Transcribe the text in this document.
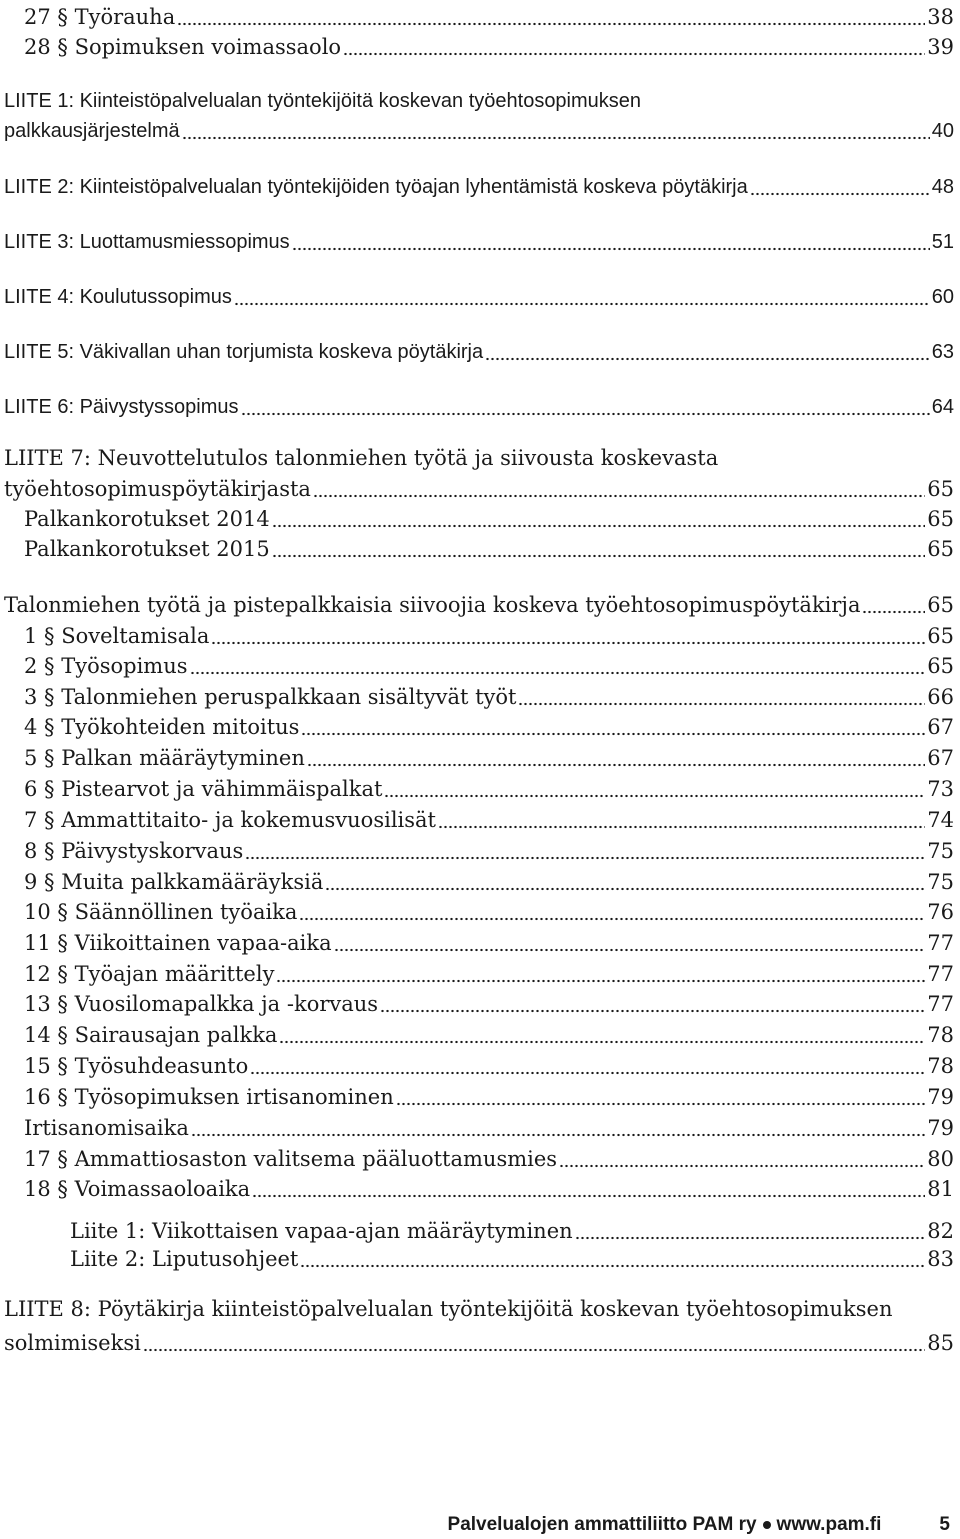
27 § Työrauha	38
28 § Sopimuksen voimassaolo	39
LIITE 1: Kiinteistöpalvelualan työntekijöitä koskevan työehtosopimuksen
palkkausjärjestelmä	40
LIITE 2: Kiinteistöpalvelualan työntekijöiden työajan lyhentämistä koskeva pöytäkirja	48
LIITE 3: Luottamusmiessopimus	51
LIITE 4: Koulutussopimus	60
LIITE 5: Väkivallan uhan torjumista koskeva pöytäkirja	63
LIITE 6: Päivystyssopimus	64
LIITE 7: Neuvottelutulos talonmiehen työtä ja siivousta koskevasta
työehtosopimuspöytäkirjasta	65
Palkankorotukset 2014	65
Palkankorotukset 2015	65
Talonmiehen työtä ja pistepalkkaisia siivoojia koskeva työehtosopimuspöytäkirja	65
1 § Soveltamisala	65
2 § Työsopimus	65
3 § Talonmiehen peruspalkkaan sisältyvät työt	66
4 § Työkohteiden mitoitus	67
5 § Palkan määräytyminen	67
6 § Pistearvot ja vähimmäispalkat	73
7 § Ammattitaito- ja kokemusvuosilisät	74
8 § Päivystyskorvaus	75
9 § Muita palkkamääräyksiä	75
10 § Säännöllinen työaika	76
11 § Viikoittainen vapaa-aika	77
12 § Työajan määrittely	77
13 § Vuosilomapalkka ja -korvaus	77
14 § Sairausajan palkka	78
15 § Työsuhdeasunto	78
16 § Työsopimuksen irtisanominen	79
Irtisanomisaika	79
17 § Ammattiosaston valitsema pääluottamusmies	80
18 § Voimassaoloaika	81
Liite 1: Viikottaisen vapaa-ajan määräytyminen	82
Liite 2: Liputusohjeet	83
LIITE 8: Pöytäkirja kiinteistöpalvelualan työntekijöitä koskevan työehtosopimuksen
solmimiseksi	85
Palvelualojen ammattiliitto PAM ry www.pam.fi	5
